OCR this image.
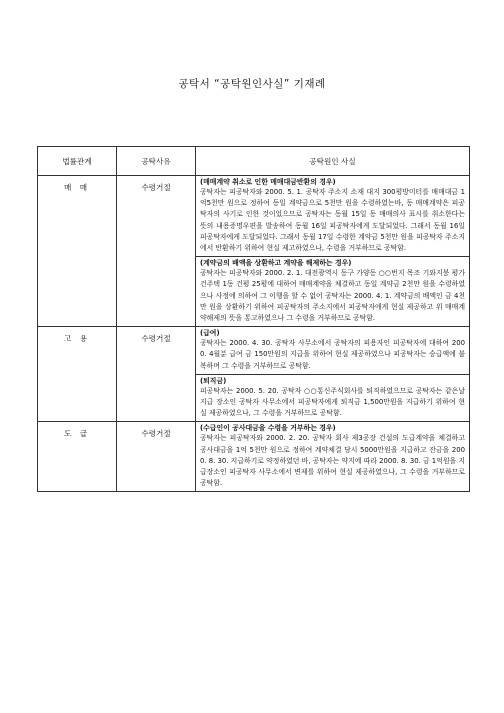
공탁서 “공탁원인사실” 기재례
법률관계	공탁사유	공탁원인 사실
매 매	수령거절	(매매계약 취소로 인한 매매대금반환의 경우)
공탁자는 피공탁자와 2000. 5. 1. 공탁자 주소지 소재 대지 300평방미터를 매매대금 1억5천만 원으로 정하여 동일 계약금으로 5천만 원을 수령하였는바, 동 매매계약은 피공탁자의 사기로 인한 것이었으므로 공탁자는 동월 15일 동 매매의사 표시를 취소한다는 뜻의 내용증명우편을 발송하여 동월 16일 피공탁자에게 도달되었다. 그래서 동월 16일 피공탁자에게 도달되었다. 그래서 동월 17일 수령한 계약금 5천만 원을 피공탁자 주소지에서 반환하기 위하여 현실 제고하였으나, 수령을 거부하므로 공탁함.

		(계약금의 배액을 상환하고 계약을 해제하는 경우)
공탁자는 피공탁자와 2000. 2. 1. 대전광역시 동구 가양동 ○○번지 목조 기와지붕 평가건주택 1동 건평 25평에 대하여 매매계약을 체결하고 동일 계약금 2천만 원을 수령하였으나 사정에 의하여 그 이행을 할 수 없어 공탁자는 2000. 4. 1. 계약금의 배액인 금 4천만 원을 상환하기 위하여 피공탁자의 주소지에서 피공탁자에게 현실 제공하고 위 매매계약해제의 뜻을 통고하였으나 그 수령을 거부하므로 공탁함.

고 용	수령거절	(급여)
공탁자는 2000. 4. 30. 공탁자 사무소에서 공탁자의 피용자인 피공탁자에 대하여 2000. 4월분 급여 금 150만원의 지급을 위하여 현실 제공하였으나 피공탁자는 승급액에 불복하며 그 수령을 거부하므로 공탁함.

		(퇴직금)
피공탁자는 2000. 5. 20. 공탁자 ○○통신주식회사를 퇴직하였으므로 공탁자는 같은날 지급 장소인 공탁자 사무소에서 피공탁자에게 퇴직금 1,500만원을 지급하기 위하여 현실 제공하였으나, 그 수령을 거부하므로 공탁함.

도 급	수령거절	(수급인이 공사대금을 수령을 거부하는 경우)
공탁자는 피공탁자와 2000. 2. 20. 공탁자 회사 제3공장 건설의 도급계약을 체결하고 공사대금을 1억 5천만 원으로 정하여 계약체결 당시 5000만원을 지급하고 잔금을 2000. 8. 30. 지급하기로 약정하였던 바, 공탁자는 약지에 따라 2000. 8. 30. 금 1억원을 지급장소인 피공탁자 사무소에서 변제를 위하여 현실 제공하였으나, 그 수령을 거부하므로 공탁함.
